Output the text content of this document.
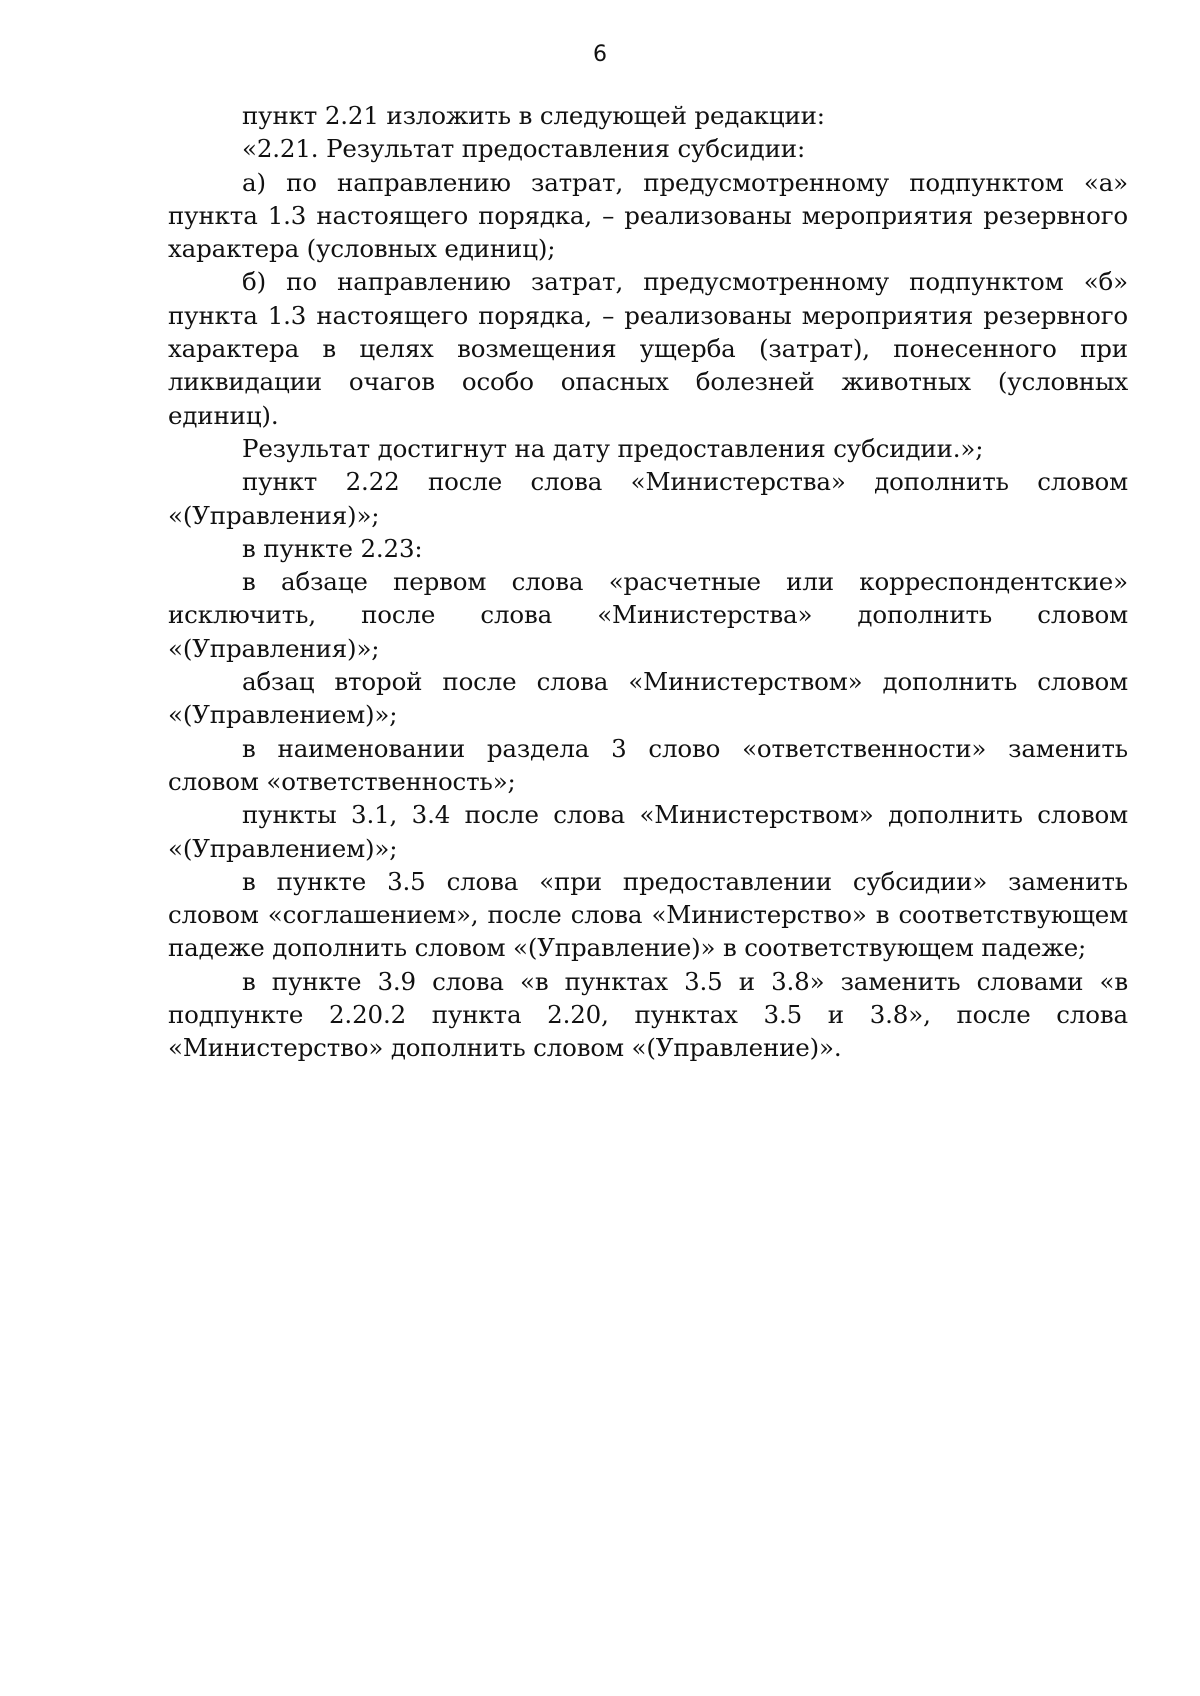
6

пункт 2.21 изложить в следующей редакции:

«2.21. Результат предоставления субсидии:

а) по направлению затрат, предусмотренному подпунктом «а» пункта 1.3 настоящего порядка, – реализованы мероприятия резервного характера (условных единиц);

б) по направлению затрат, предусмотренному подпунктом «б» пункта 1.3 настоящего порядка, – реализованы мероприятия резервного характера в целях возмещения ущерба (затрат), понесенного при ликвидации очагов особо опасных болезней животных (условных единиц).

Результат достигнут на дату предоставления субсидии.»;

пункт 2.22 после слова «Министерства» дополнить словом «(Управления)»;

в пункте 2.23:

в абзаце первом слова «расчетные или корреспондентские» исключить, после слова «Министерства» дополнить словом «(Управления)»;

абзац второй после слова «Министерством» дополнить словом «(Управлением)»;

в наименовании раздела 3 слово «ответственности» заменить словом «ответственность»;

пункты 3.1, 3.4 после слова «Министерством» дополнить словом «(Управлением)»;

в пункте 3.5 слова «при предоставлении субсидии» заменить словом «соглашением», после слова «Министерство» в соответствующем падеже дополнить словом «(Управление)» в соответствующем падеже;

в пункте 3.9 слова «в пунктах 3.5 и 3.8» заменить словами «в подпункте 2.20.2 пункта 2.20, пунктах 3.5 и 3.8», после слова «Министерство» дополнить словом «(Управление)».
